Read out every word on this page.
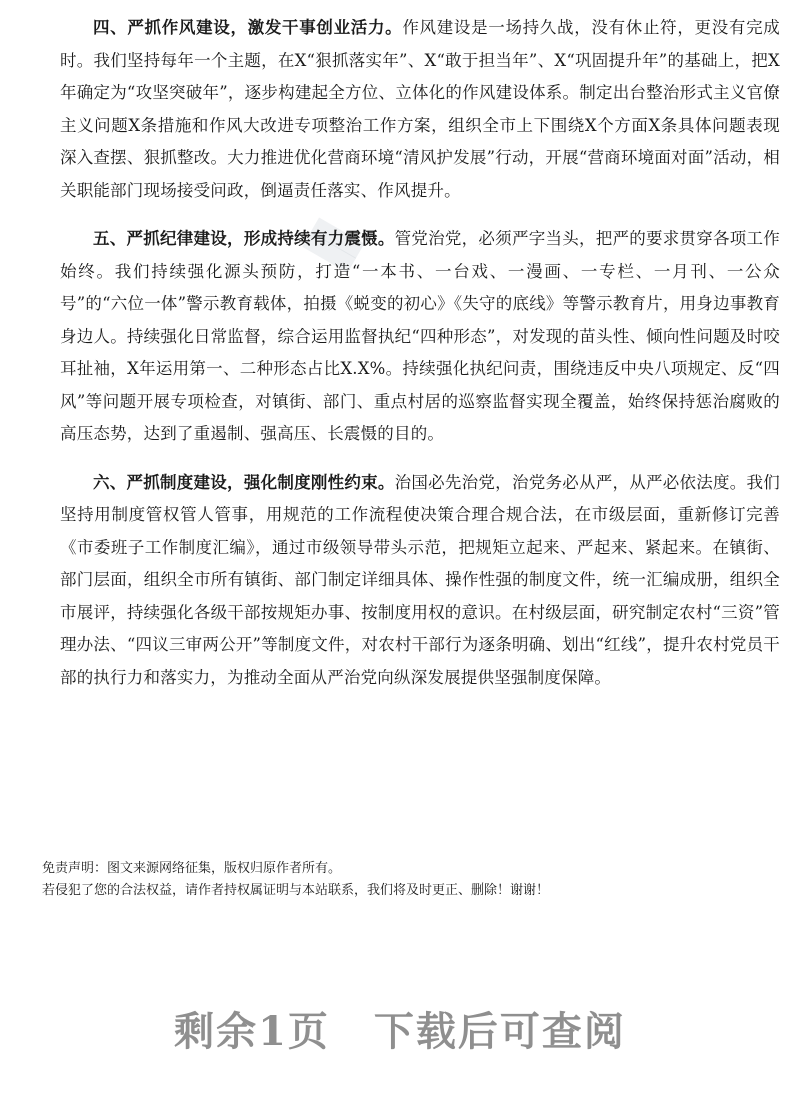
▐▌

四、严抓作风建设，激发干事创业活力。作风建设是一场持久战，没有休止符，更没有完成时。我们坚持每年一个主题，在X“狠抓落实年”、X“敢于担当年”、X“巩固提升年”的基础上，把X年确定为“攻坚突破年”，逐步构建起全方位、立体化的作风建设体系。制定出台整治形式主义官僚主义问题X条措施和作风大改进专项整治工作方案，组织全市上下围绕X个方面X条具体问题表现深入查摆、狠抓整改。大力推进优化营商环境“清风护发展”行动，开展“营商环境面对面”活动，相关职能部门现场接受问政，倒逼责任落实、作风提升。

五、严抓纪律建设，形成持续有力震慑。管党治党，必须严字当头，把严的要求贯穿各项工作始终。我们持续强化源头预防，打造“一本书、一台戏、一漫画、一专栏、一月刊、一公众号”的“六位一体”警示教育载体，拍摄《蜕变的初心》《失守的底线》等警示教育片，用身边事教育身边人。持续强化日常监督，综合运用监督执纪“四种形态”，对发现的苗头性、倾向性问题及时咬耳扯袖，X年运用第一、二种形态占比X.X%。持续强化执纪问责，围绕违反中央八项规定、反“四风”等问题开展专项检查，对镇街、部门、重点村居的巡察监督实现全覆盖，始终保持惩治腐败的高压态势，达到了重遏制、强高压、长震慑的目的。

六、严抓制度建设，强化制度刚性约束。治国必先治党，治党务必从严，从严必依法度。我们坚持用制度管权管人管事，用规范的工作流程使决策合理合规合法，在市级层面，重新修订完善《市委班子工作制度汇编》，通过市级领导带头示范，把规矩立起来、严起来、紧起来。在镇街、部门层面，组织全市所有镇街、部门制定详细具体、操作性强的制度文件，统一汇编成册，组织全市展评，持续强化各级干部按规矩办事、按制度用权的意识。在村级层面，研究制定农村“三资”管理办法、“四议三审两公开”等制度文件，对农村干部行为逐条明确、划出“红线”，提升农村党员干部的执行力和落实力，为推动全面从严治党向纵深发展提供坚强制度保障。

免责声明：图文来源网络征集，版权归原作者所有。
若侵犯了您的合法权益，请作者持权属证明与本站联系，我们将及时更正、删除！谢谢！
剩余1页 下载后可查阅
